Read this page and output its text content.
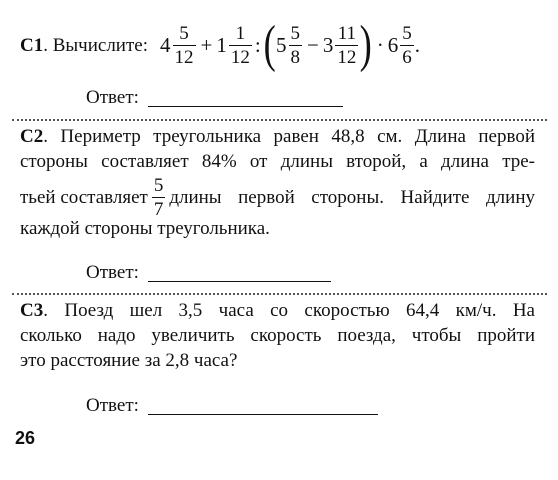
С1. Вычислите: $4 \frac{5}{12} + 1 \frac{1}{12}$ : ( $5 \frac{5}{8} - 3 \frac{11}{12}$ ) · $6 \frac{5}{6}$ .
Ответ:
С2. Периметр треугольника равен 48,8 см. Длина первой
стороны составляет 84% от длины второй, а длина тре-
тьей составляет $\frac{5}{7}$ длины первой стороны. Найдите длину
каждой стороны треугольника.
Ответ:
С3. Поезд шел 3,5 часа со скоростью 64,4 км/ч. На
сколько надо увеличить скорость поезда, чтобы пройти
это расстояние за 2,8 часа?
Ответ:
26
